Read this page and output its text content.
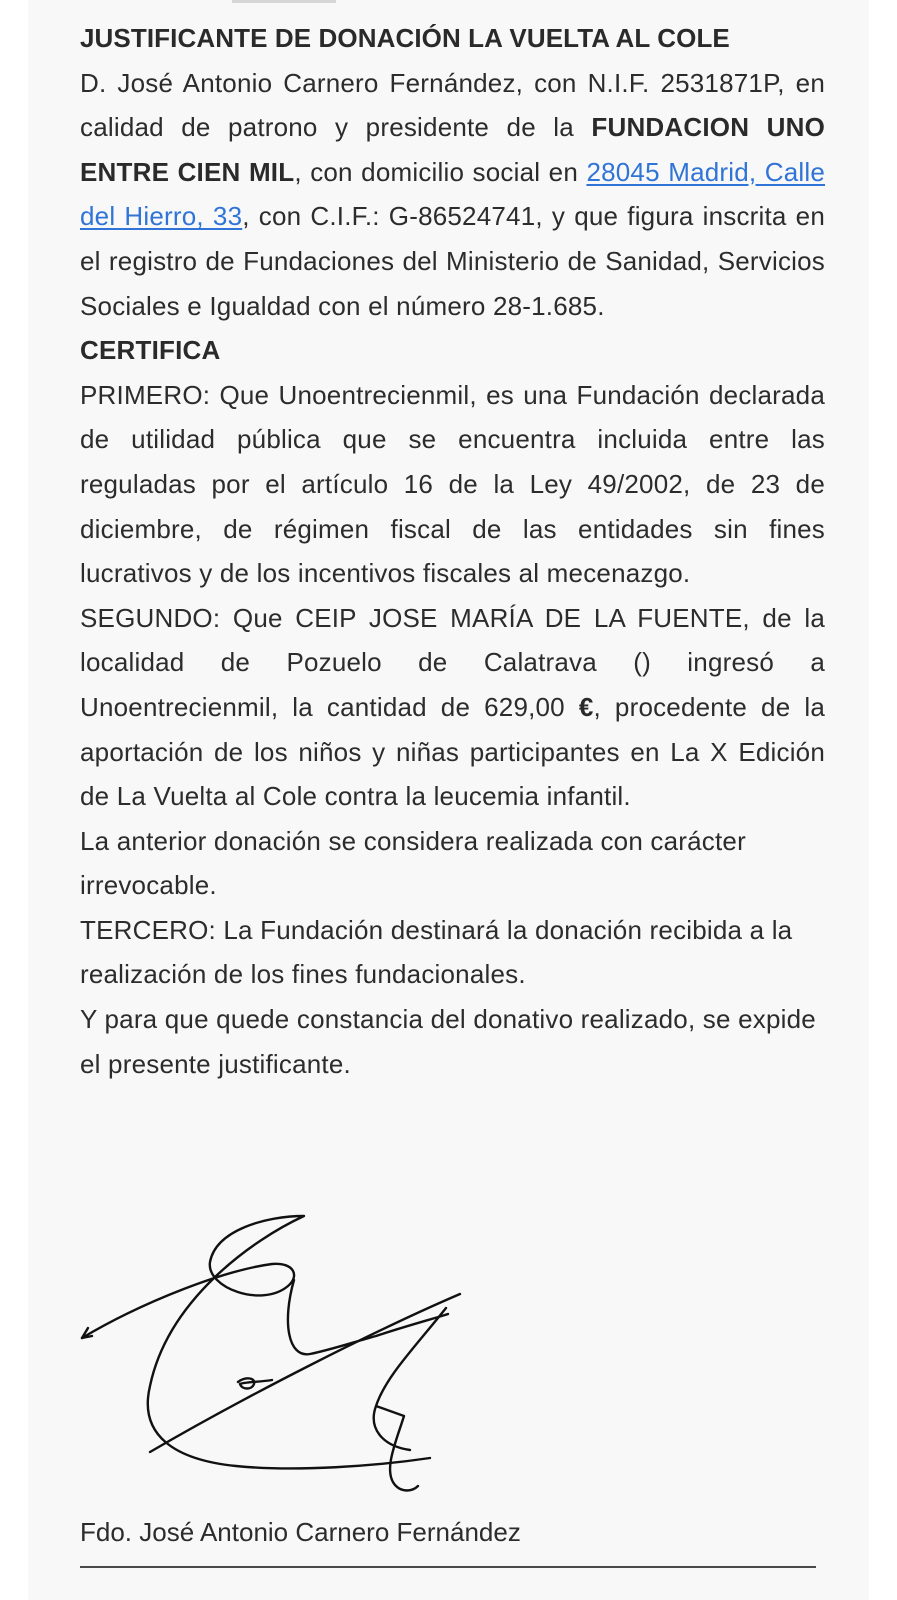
JUSTIFICANTE DE DONACIÓN LA VUELTA AL COLE

D. José Antonio Carnero Fernández, con N.I.F. 2531871P, en calidad de patrono y presidente de la FUNDACION UNO ENTRE CIEN MIL, con domicilio social en 28045 Madrid, Calle del Hierro, 33, con C.I.F.: G-86524741, y que figura inscrita en el registro de Fundaciones del Ministerio de Sanidad, Servicios Sociales e Igualdad con el número 28-1.685.

CERTIFICA

PRIMERO: Que Unoentrecienmil, es una Fundación declarada de utilidad pública que se encuentra incluida entre las reguladas por el artículo 16 de la Ley 49/2002, de 23 de diciembre, de régimen fiscal de las entidades sin fines lucrativos y de los incentivos fiscales al mecenazgo.

SEGUNDO: Que CEIP JOSE MARÍA DE LA FUENTE, de la localidad de Pozuelo de Calatrava () ingresó a Unoentrecienmil, la cantidad de 629,00 €, procedente de la aportación de los niños y niñas participantes en La X Edición de La Vuelta al Cole contra la leucemia infantil.

La anterior donación se considera realizada con carácter irrevocable.

TERCERO: La Fundación destinará la donación recibida a la realización de los fines fundacionales.

Y para que quede constancia del donativo realizado, se expide el presente justificante.

Fdo. José Antonio Carnero Fernández
